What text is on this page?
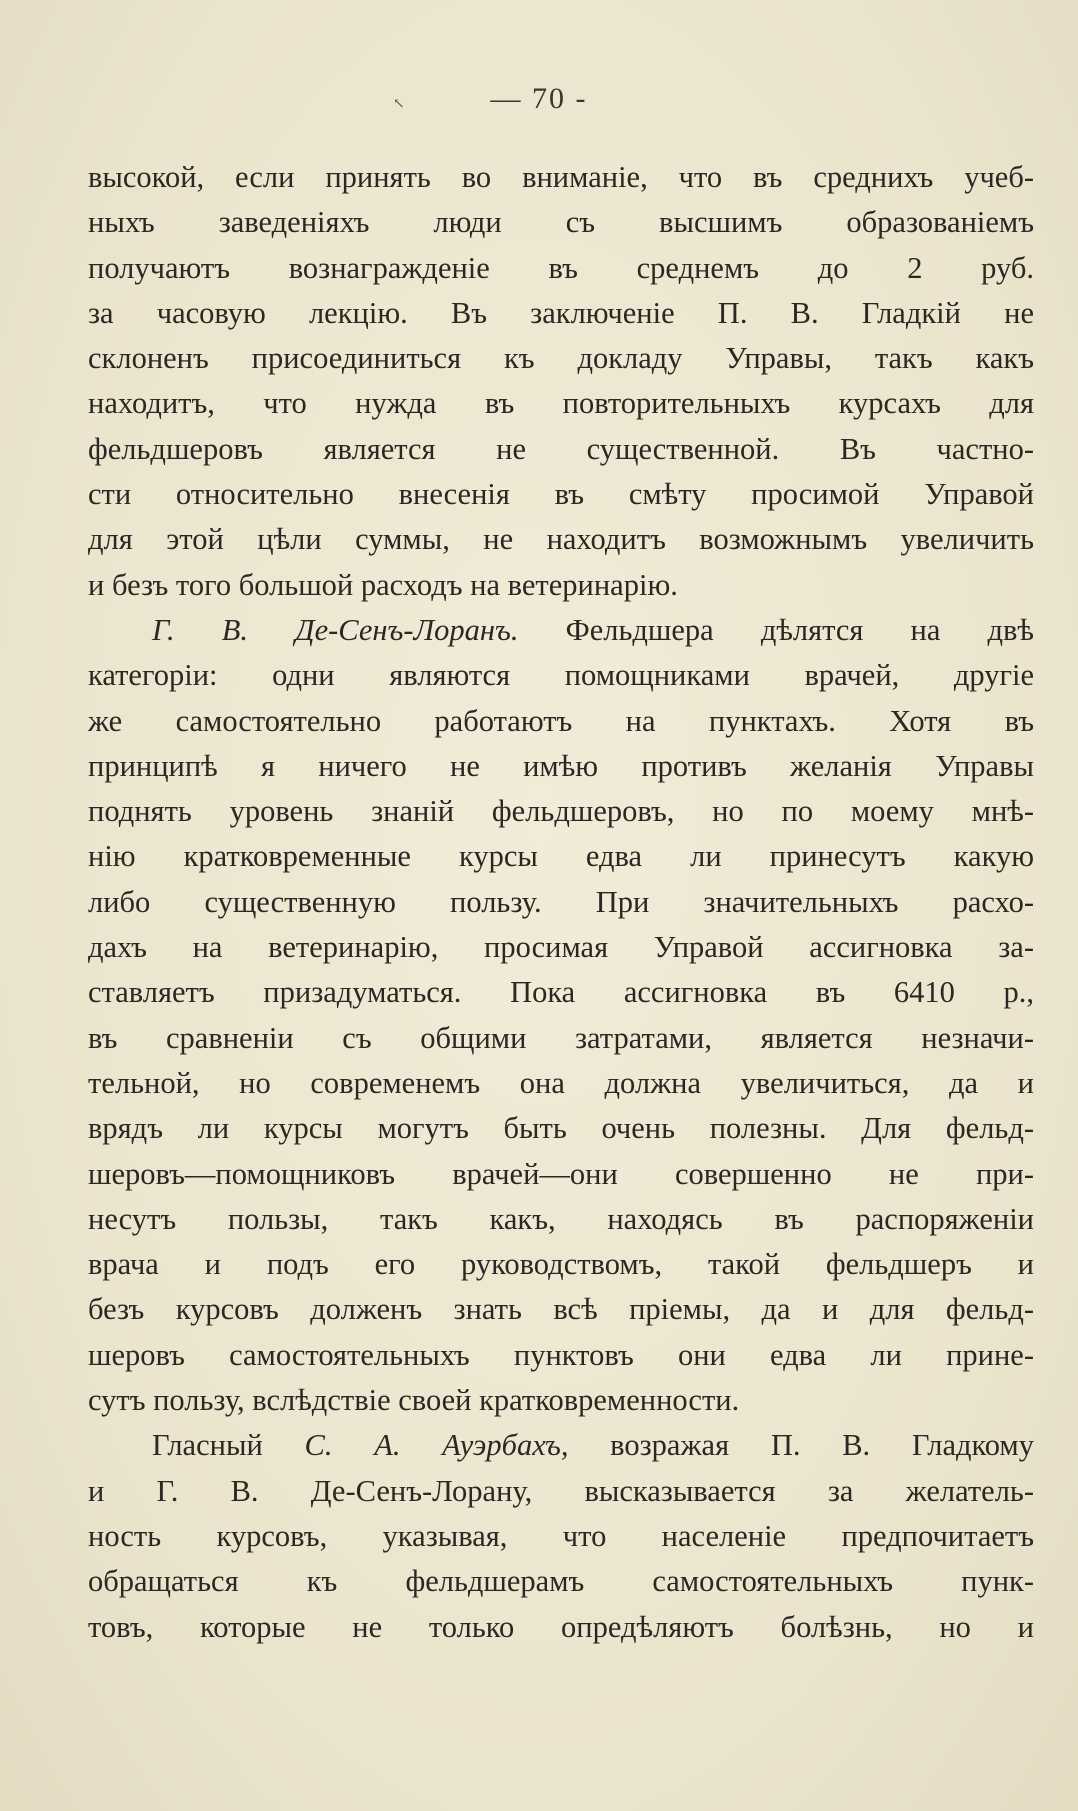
↖	— 70 -
высокой, если принять во вниманіе, что въ среднихъ учеб-
ныхъ заведеніяхъ люди съ высшимъ образованіемъ
получаютъ вознагражденіе въ среднемъ до 2 руб.
за часовую лекцію. Въ заключеніе П. В. Гладкій не
склоненъ присоединиться къ докладу Управы, такъ какъ
находитъ, что нужда въ повторительныхъ курсахъ для
фельдшеровъ является не существенной. Въ частно-
сти относительно внесенія въ смѣту просимой Управой
для этой цѣли суммы, не находитъ возможнымъ увеличить
и безъ того большой расходъ на ветеринарію.
Г. В. Де-Сенъ-Лоранъ. Фельдшера дѣлятся на двѣ
категоріи: одни являются помощниками врачей, другіе
же самостоятельно работаютъ на пунктахъ. Хотя въ
принципѣ я ничего не имѣю противъ желанія Управы
поднять уровень знаній фельдшеровъ, но по моему мнѣ-
нію кратковременные курсы едва ли принесутъ какую
либо существенную пользу. При значительныхъ расхо-
дахъ на ветеринарію, просимая Управой ассигновка за-
ставляетъ призадуматься. Пока ассигновка въ 6410 р.,
въ сравненіи съ общими затратами, является незначи-
тельной, но современемъ она должна увеличиться, да и
врядъ ли курсы могутъ быть очень полезны. Для фельд-
шеровъ—помощниковъ врачей—они совершенно не при-
несутъ пользы, такъ какъ, находясь въ распоряженіи
врача и подъ его руководствомъ, такой фельдшеръ и
безъ курсовъ долженъ знать всѣ пріемы, да и для фельд-
шеровъ самостоятельныхъ пунктовъ они едва ли прине-
сутъ пользу, вслѣдствіе своей кратковременности.
Гласный С. А. Ауэрбахъ, возражая П. В. Гладкому
и Г. В. Де-Сенъ-Лорану, высказывается за желатель-
ность курсовъ, указывая, что населеніе предпочитаетъ
обращаться къ фельдшерамъ самостоятельныхъ пунк-
товъ, которые не только опредѣляютъ болѣзнь, но и
